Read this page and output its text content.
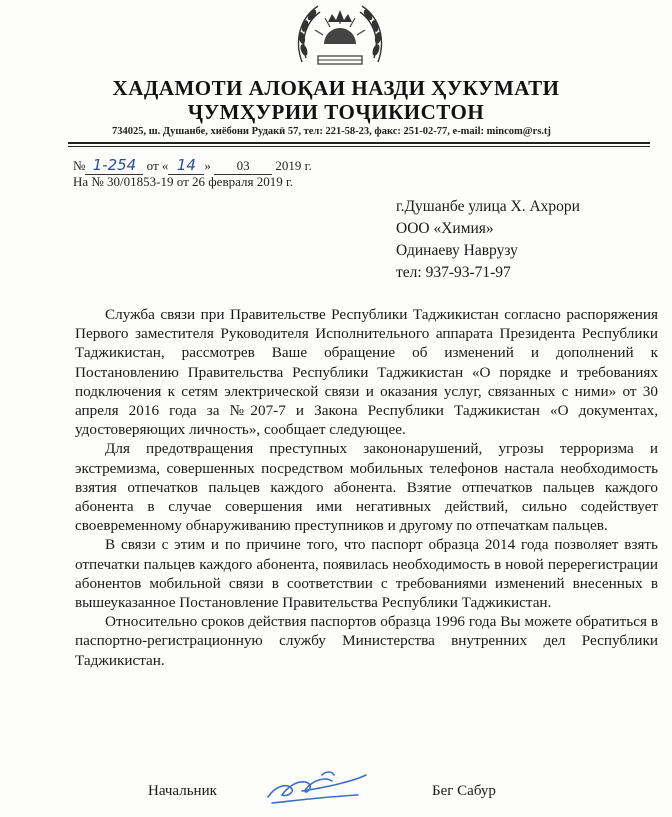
ХАДАМОТИ АЛОҚАИ НАЗДИ ҲУКУМАТИ
ҶУМҲУРИИ ТОҶИКИСТОН
734025, ш. Душанбе, хиёбони Рудакӣ 57, тел: 221-58-23, факс: 251-02-77, e-mail: mincom@rs.tj
№ 1-254 от « 14 » 03 2019 г.
На № 30/01853-19 от 26 февраля 2019 г.
г.Душанбе улица Х. Ахрори
ООО «Химия»
Одинаеву Наврузу
тел: 937-93-71-97

Служба связи при Правительстве Республики Таджикистан согласно распоряжения Первого заместителя Руководителя Исполнительного аппарата Президента Республики Таджикистан, рассмотрев Ваше обращение об изменений и дополнений к Постановлению Правительства Республики Таджикистан «О порядке и требованиях подключения к сетям электрической связи и оказания услуг, связанных с ними» от 30 апреля 2016 года за №207-7 и Закона Республики Таджикистан «О документах, удостоверяющих личность», сообщает следующее.

Для предотвращения преступных закононарушений, угрозы терроризма и экстремизма, совершенных посредством мобильных телефонов настала необходимость взятия отпечатков пальцев каждого абонента. Взятие отпечатков пальцев каждого абонента в случае совершения ими негативных действий, сильно содействует своевременному обнаруживанию преступников и другому по отпечаткам пальцев.

В связи с этим и по причине того, что паспорт образца 2014 года позволяет взять отпечатки пальцев каждого абонента, появилась необходимость в новой перерегистрации абонентов мобильной связи в соответствии с требованиями изменений внесенных в вышеуказанное Постановление Правительства Республики Таджикистан.

Относительно сроков действия паспортов образца 1996 года Вы можете обратиться в паспортно-регистрационную службу Министерства внутренних дел Республики Таджикистан.

Начальник	Бег Сабур
